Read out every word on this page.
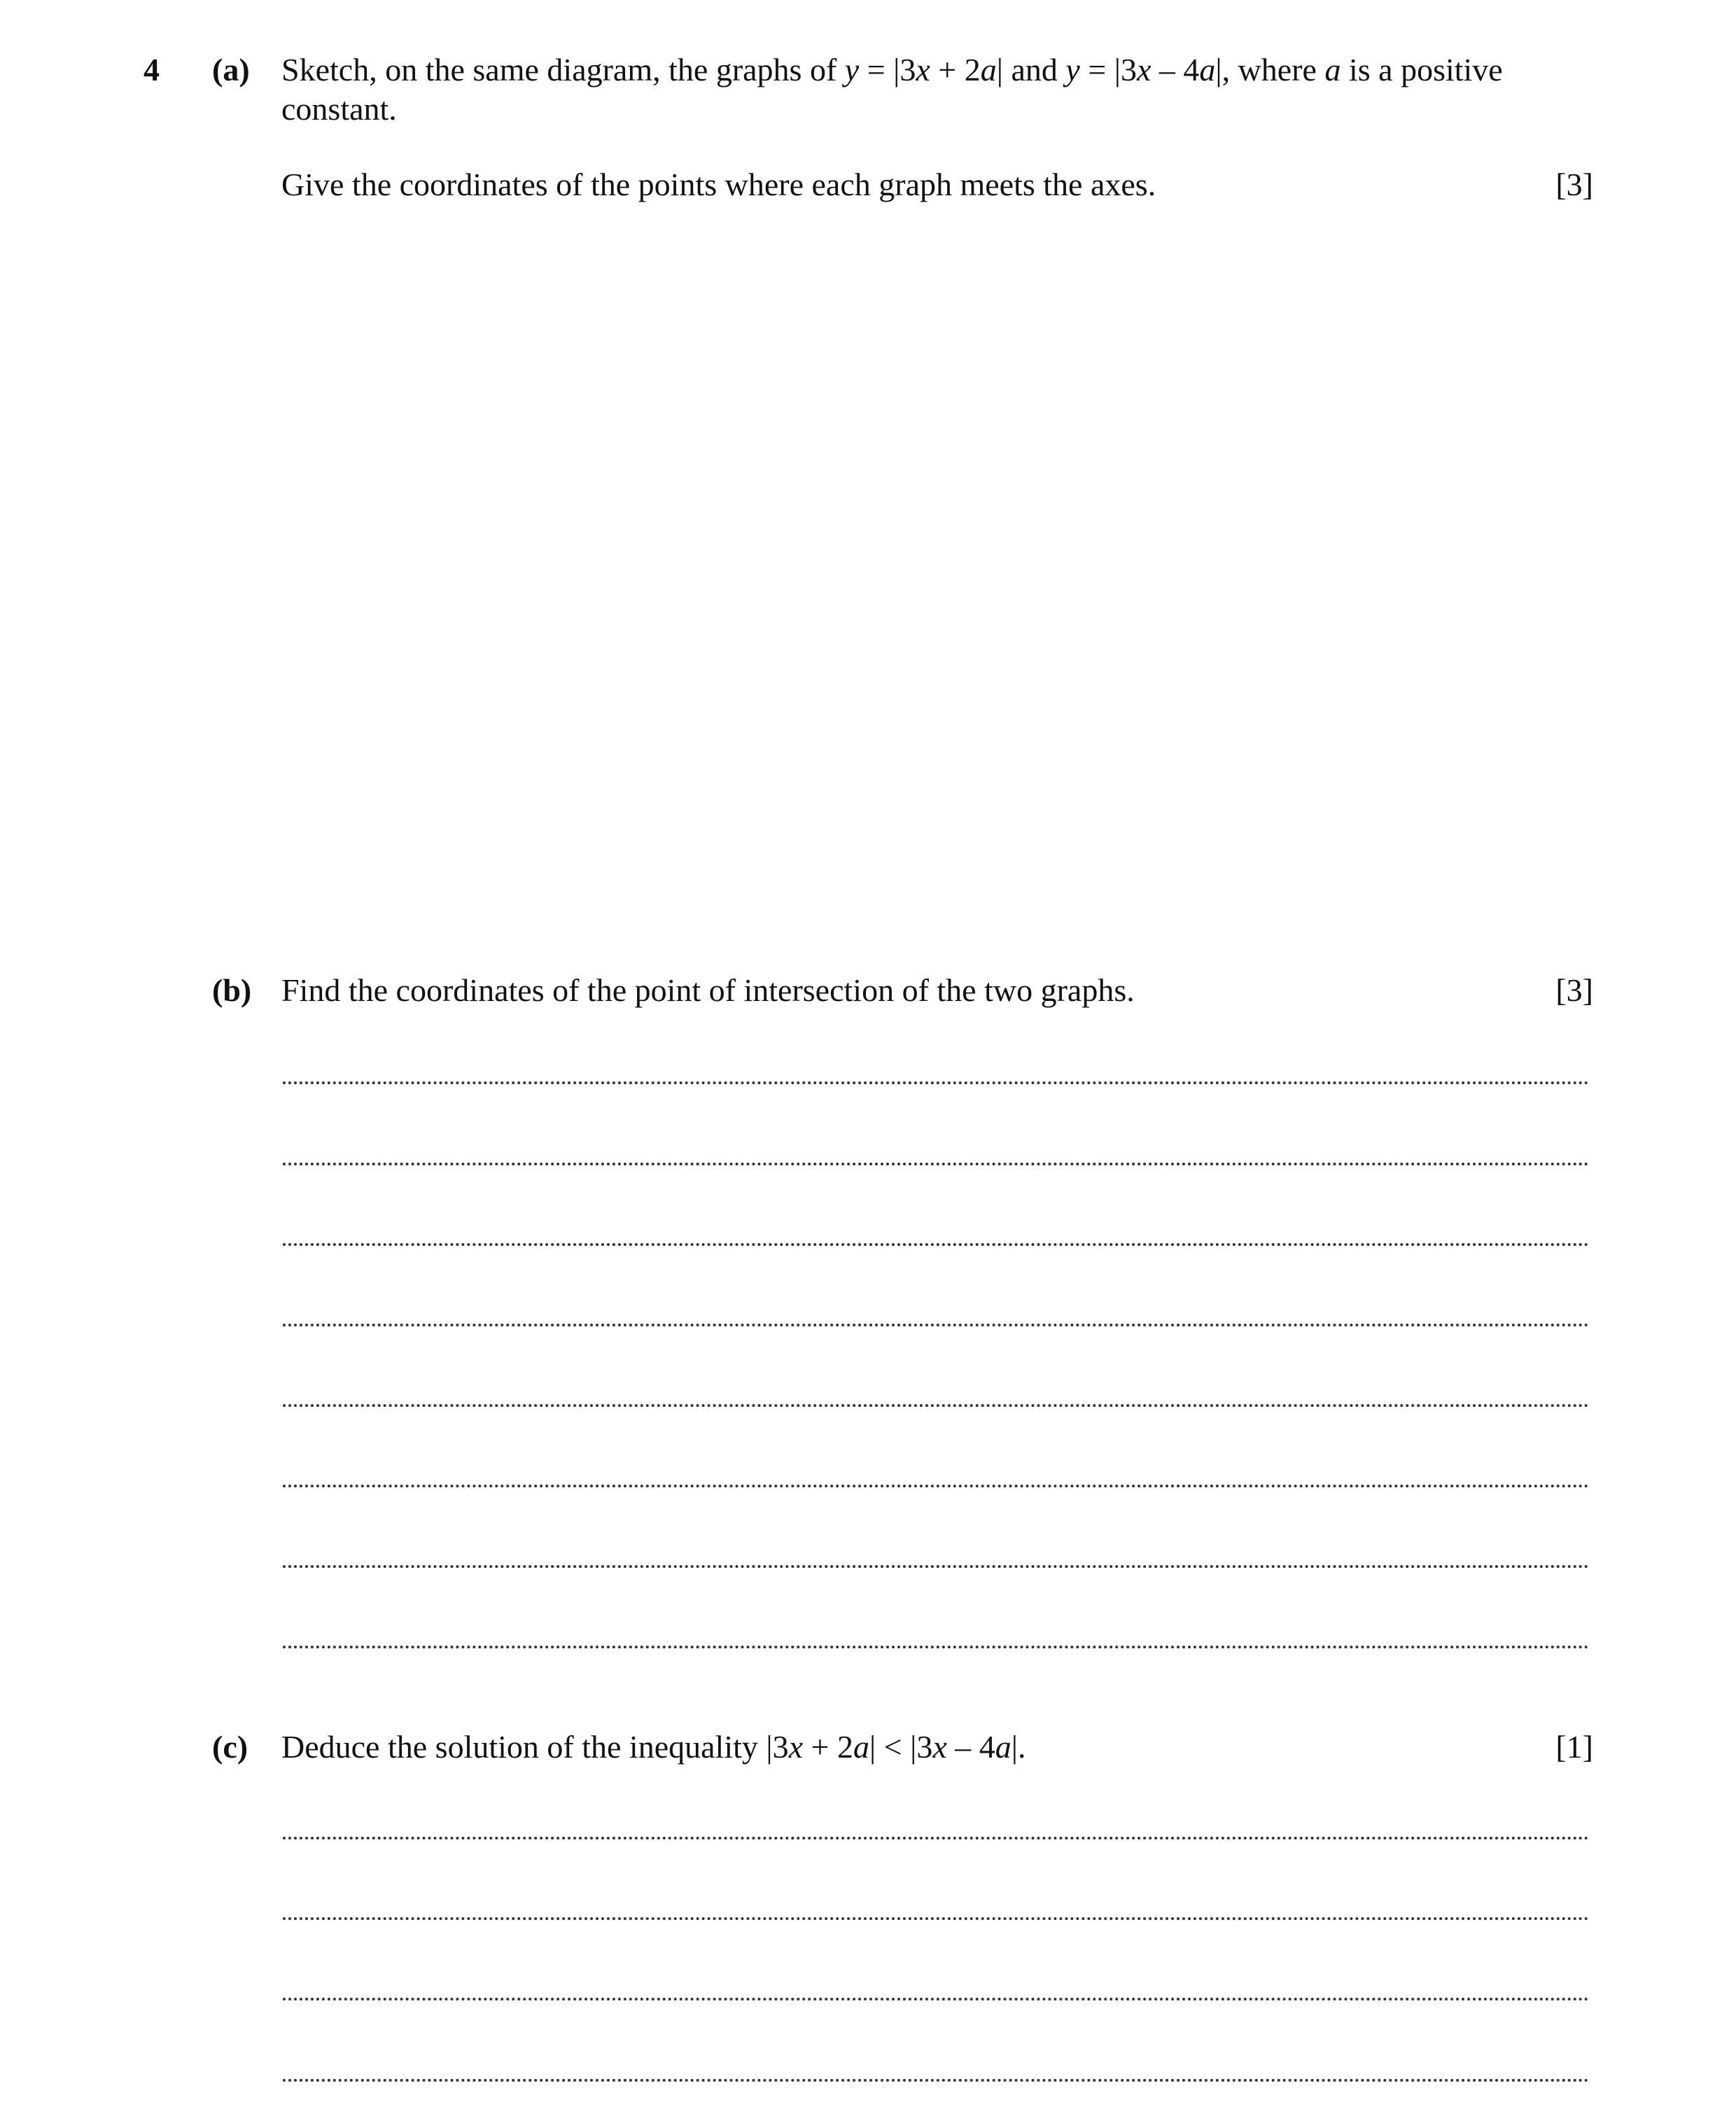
4 (a) Sketch, on the same diagram, the graphs of y = |3x + 2a| and y = |3x – 4a|, where a is a positive
constant.
Give the coordinates of the points where each graph meets the axes.	[3]
(b) Find the coordinates of the point of intersection of the two graphs.	[3]
(c) Deduce the solution of the inequality |3x + 2a| < |3x – 4a|.	[1]
